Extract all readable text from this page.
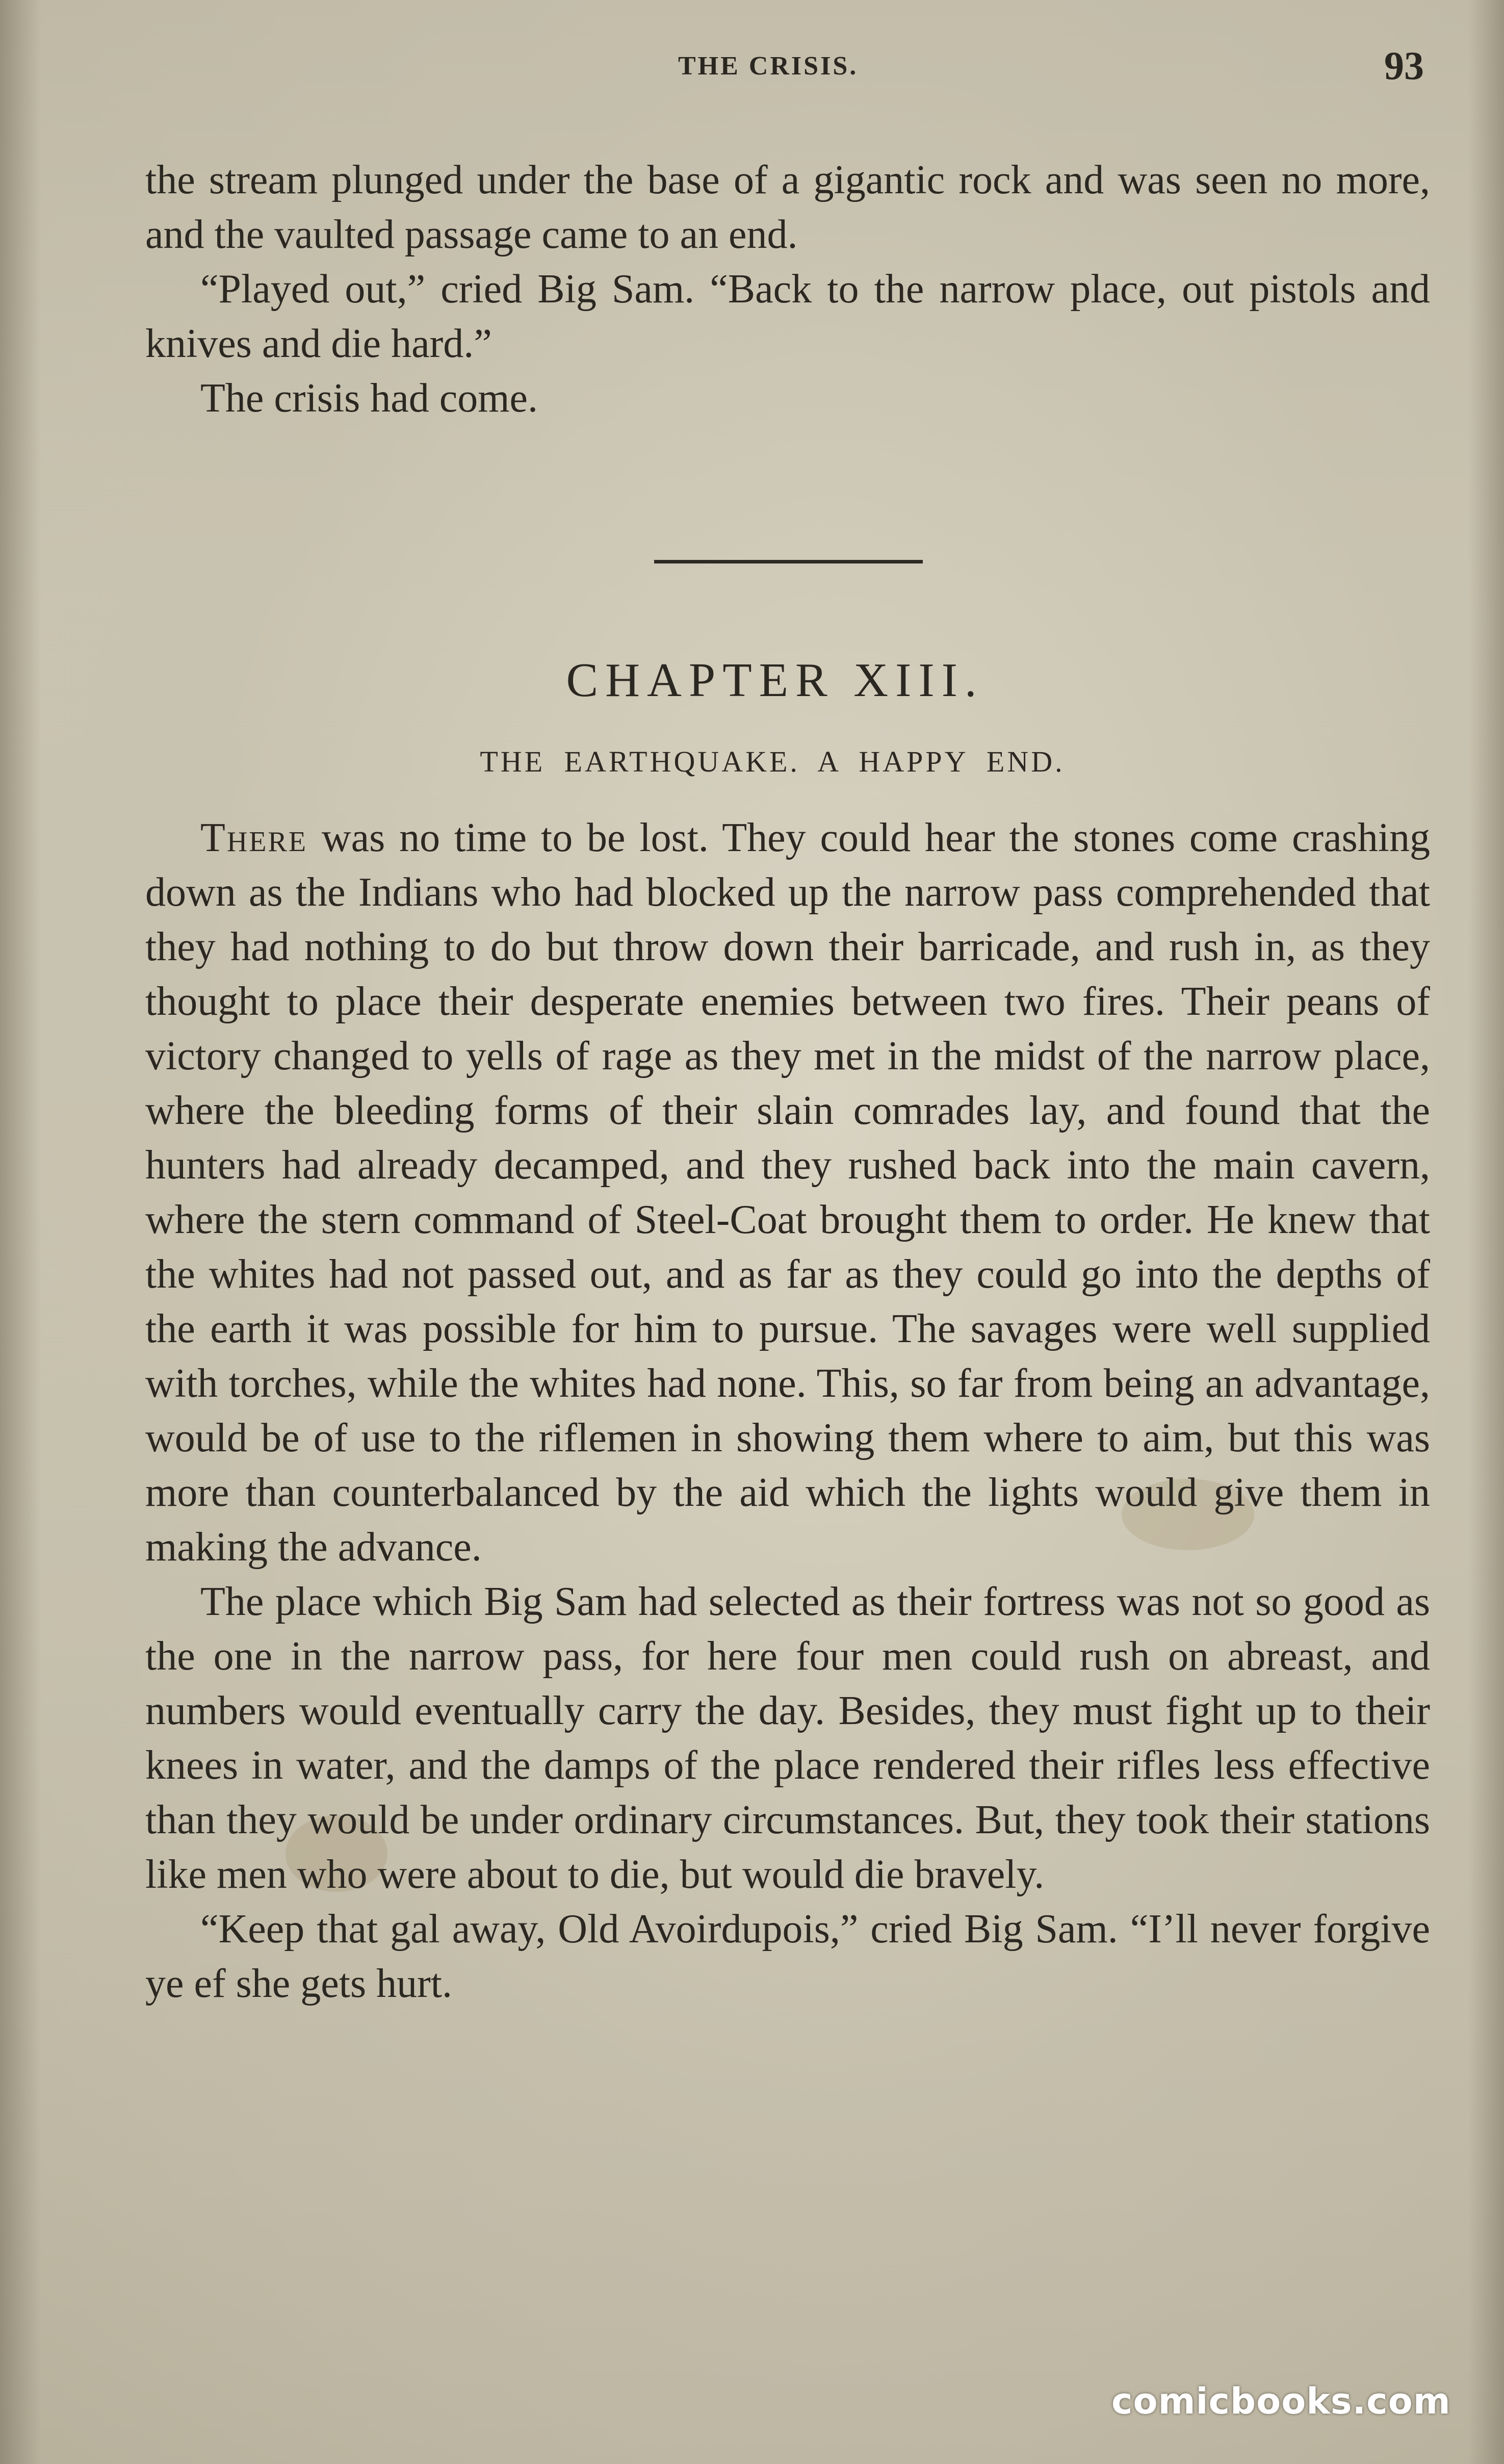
THE CRISIS.	93

the stream plunged under the base of a gigantic rock and was seen no more, and the vaulted passage came to an end.

“Played out,” cried Big Sam. “Back to the narrow place, out pistols and knives and die hard.”

The crisis had come.

CHAPTER XIII.
THE EARTHQUAKE. A HAPPY END.

There was no time to be lost. They could hear the stones come crashing down as the Indians who had blocked up the narrow pass comprehended that they had nothing to do but throw down their barricade, and rush in, as they thought to place their desperate enemies between two fires. Their peans of victory changed to yells of rage as they met in the midst of the narrow place, where the bleeding forms of their slain comrades lay, and found that the hunters had already decamped, and they rushed back into the main cavern, where the stern command of Steel-Coat brought them to order. He knew that the whites had not passed out, and as far as they could go into the depths of the earth it was possible for him to pursue. The savages were well supplied with torches, while the whites had none. This, so far from being an advantage, would be of use to the riflemen in showing them where to aim, but this was more than counterbalanced by the aid which the lights would give them in making the advance.

The place which Big Sam had selected as their fortress was not so good as the one in the narrow pass, for here four men could rush on abreast, and numbers would eventually carry the day. Besides, they must fight up to their knees in water, and the damps of the place rendered their rifles less effective than they would be under ordinary circumstances. But, they took their stations like men who were about to die, but would die bravely.

“Keep that gal away, Old Avoirdupois,” cried Big Sam. “I’ll never forgive ye ef she gets hurt.

comicbooks.com
